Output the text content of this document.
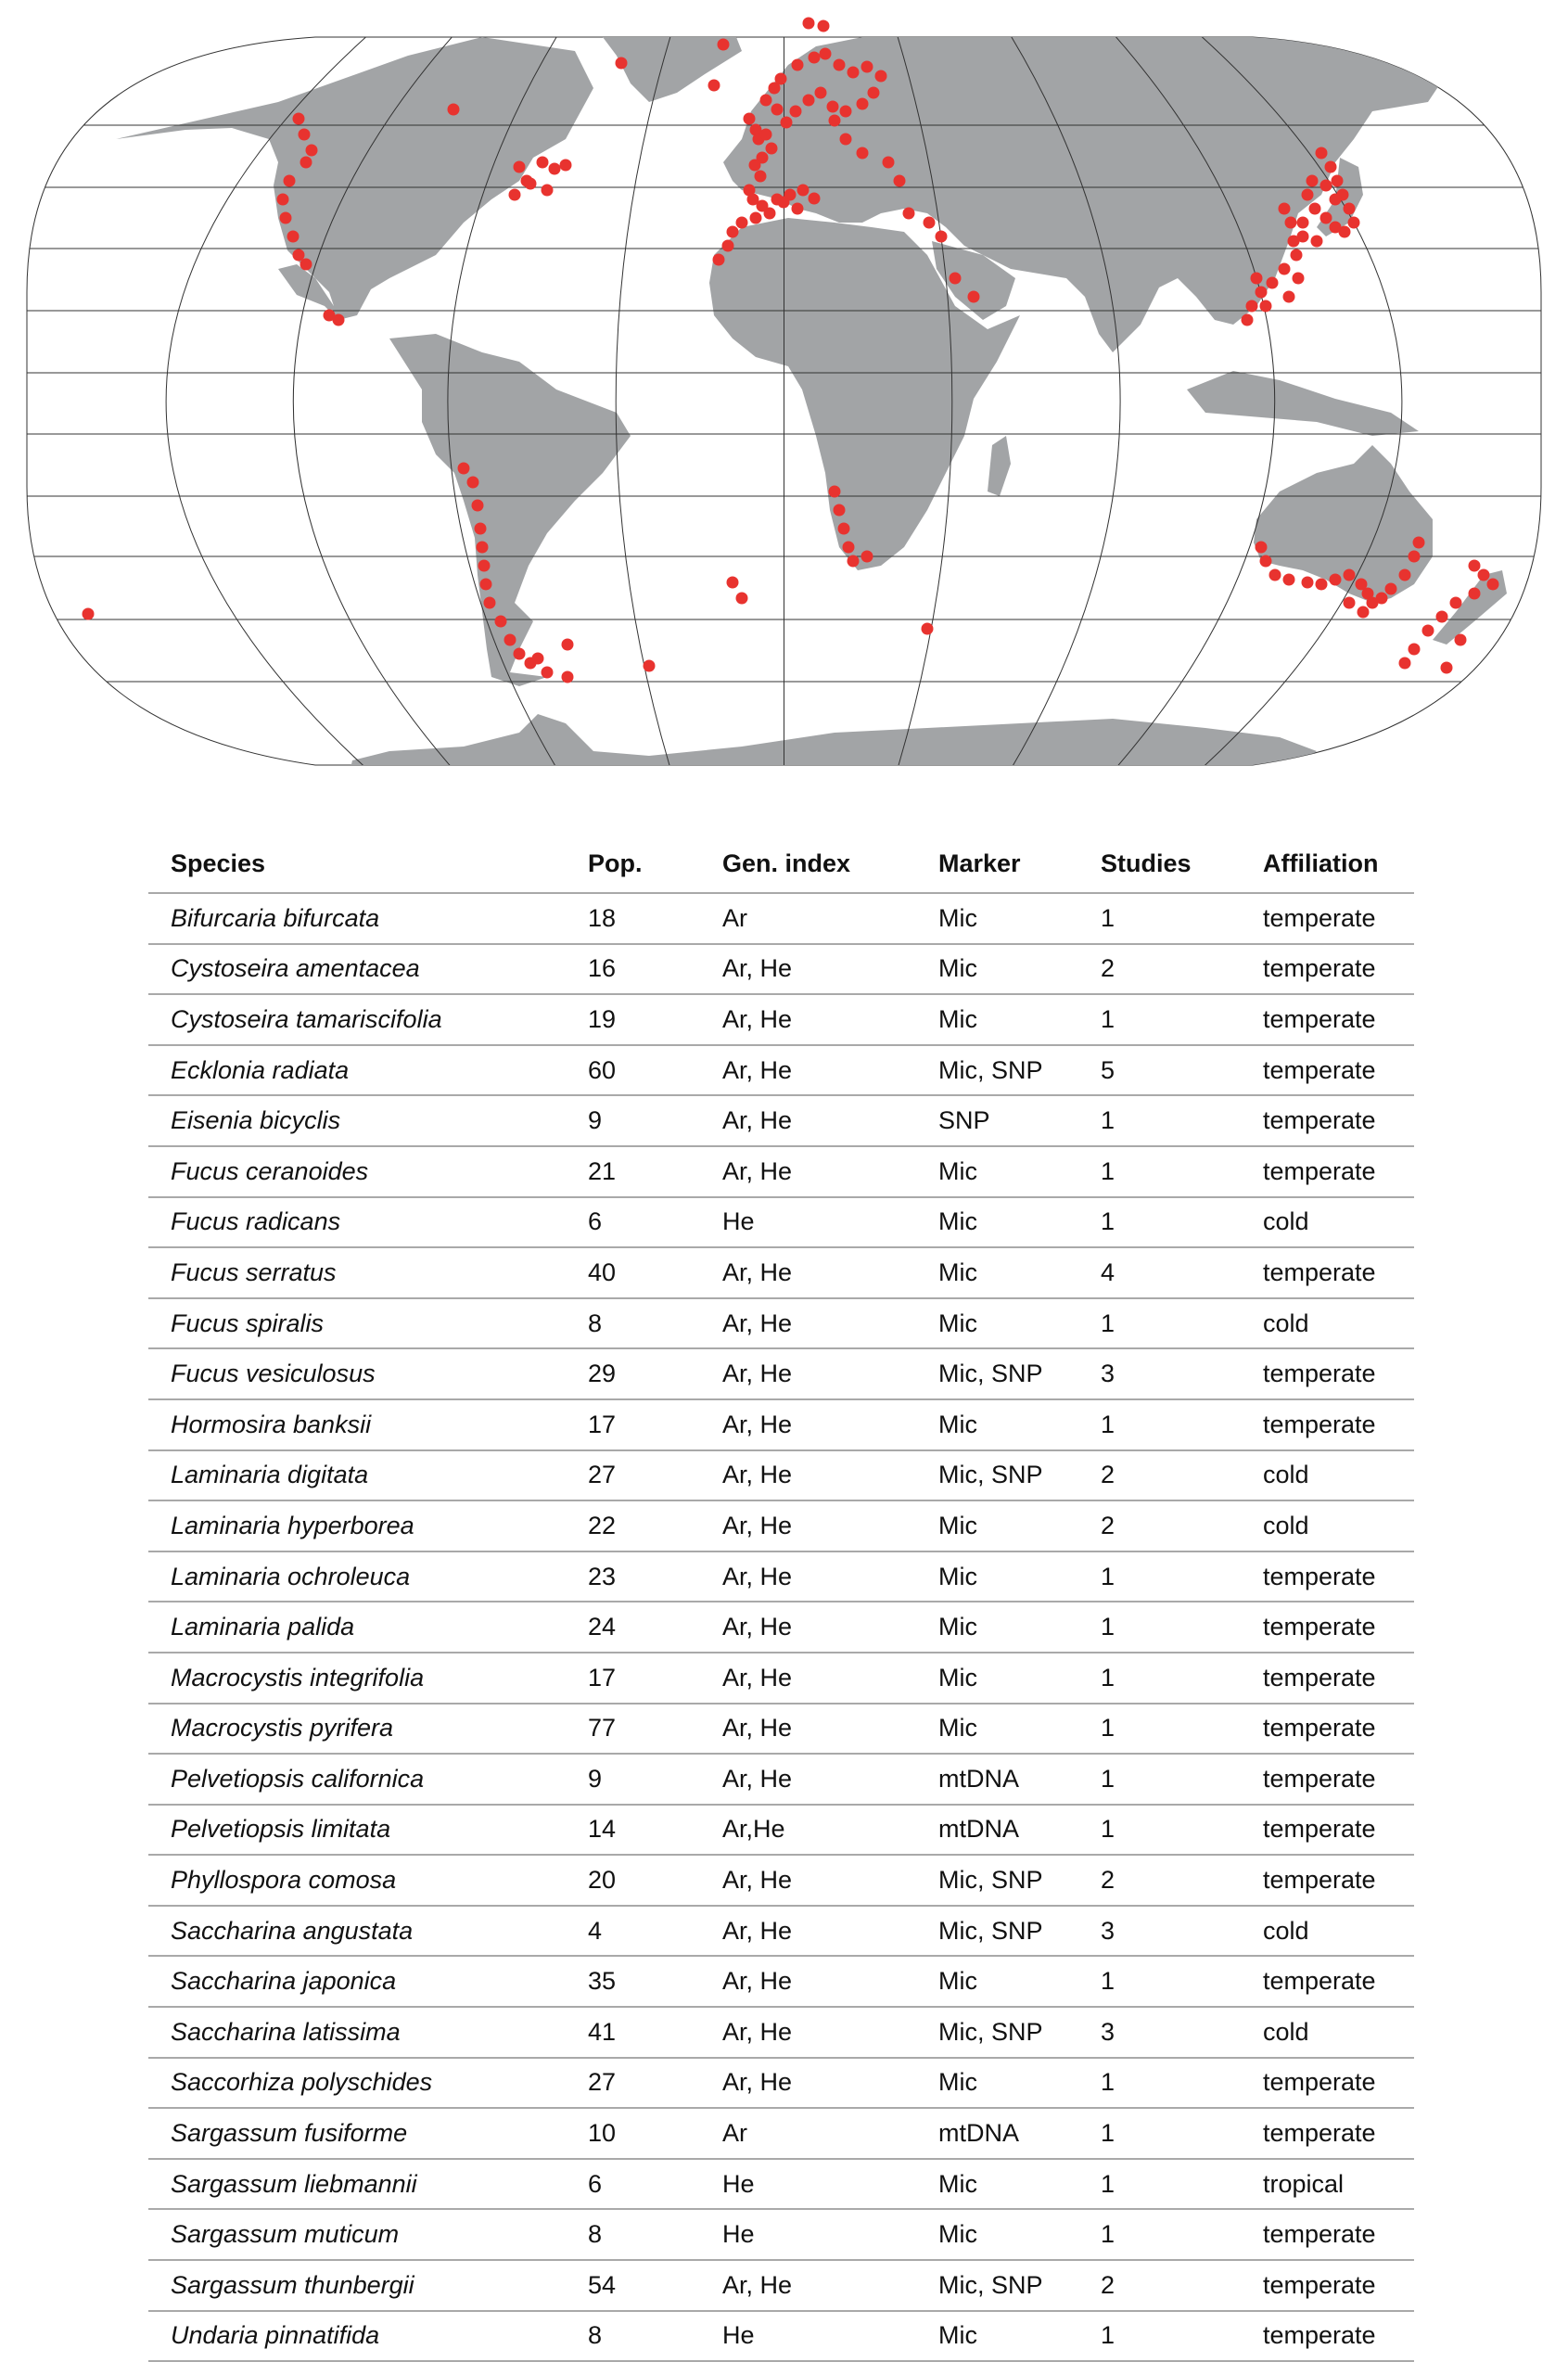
Species	Pop.	Gen. index	Marker	Studies	Affiliation
Bifurcaria bifurcata	18	Ar	Mic	1	temperate
Cystoseira amentacea	16	Ar, He	Mic	2	temperate
Cystoseira tamariscifolia	19	Ar, He	Mic	1	temperate
Ecklonia radiata	60	Ar, He	Mic, SNP	5	temperate
Eisenia bicyclis	9	Ar, He	SNP	1	temperate
Fucus ceranoides	21	Ar, He	Mic	1	temperate
Fucus radicans	6	He	Mic	1	cold
Fucus serratus	40	Ar, He	Mic	4	temperate
Fucus spiralis	8	Ar, He	Mic	1	cold
Fucus vesiculosus	29	Ar, He	Mic, SNP	3	temperate
Hormosira banksii	17	Ar, He	Mic	1	temperate
Laminaria digitata	27	Ar, He	Mic, SNP	2	cold
Laminaria hyperborea	22	Ar, He	Mic	2	cold
Laminaria ochroleuca	23	Ar, He	Mic	1	temperate
Laminaria palida	24	Ar, He	Mic	1	temperate
Macrocystis integrifolia	17	Ar, He	Mic	1	temperate
Macrocystis pyrifera	77	Ar, He	Mic	1	temperate
Pelvetiopsis californica	9	Ar, He	mtDNA	1	temperate
Pelvetiopsis limitata	14	Ar,He	mtDNA	1	temperate
Phyllospora comosa	20	Ar, He	Mic, SNP	2	temperate
Saccharina angustata	4	Ar, He	Mic, SNP	3	cold
Saccharina japonica	35	Ar, He	Mic	1	temperate
Saccharina latissima	41	Ar, He	Mic, SNP	3	cold
Saccorhiza polyschides	27	Ar, He	Mic	1	temperate
Sargassum fusiforme	10	Ar	mtDNA	1	temperate
Sargassum liebmannii	6	He	Mic	1	tropical
Sargassum muticum	8	He	Mic	1	temperate
Sargassum thunbergii	54	Ar, He	Mic, SNP	2	temperate
Undaria pinnatifida	8	He	Mic	1	temperate
